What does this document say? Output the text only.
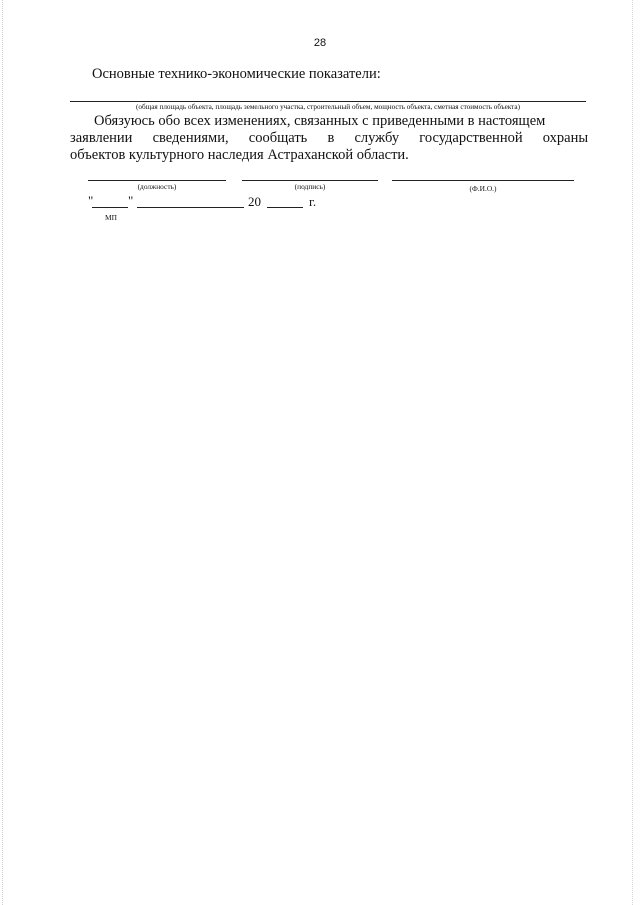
28
Основные технико-экономические показатели:
(общая площадь объекта, площадь земельного участка, строительный объем, мощность объекта, сметная стоимость объекта)
Обязуюсь обо всех изменениях, связанных с приведенными в настоящем
заявлении сведениями, сообщать в службу государственной охраны
объектов культурного наследия Астраханской области.
(должность)	(подпись)	(Ф.И.О.)
"	"	20	г.
МП
